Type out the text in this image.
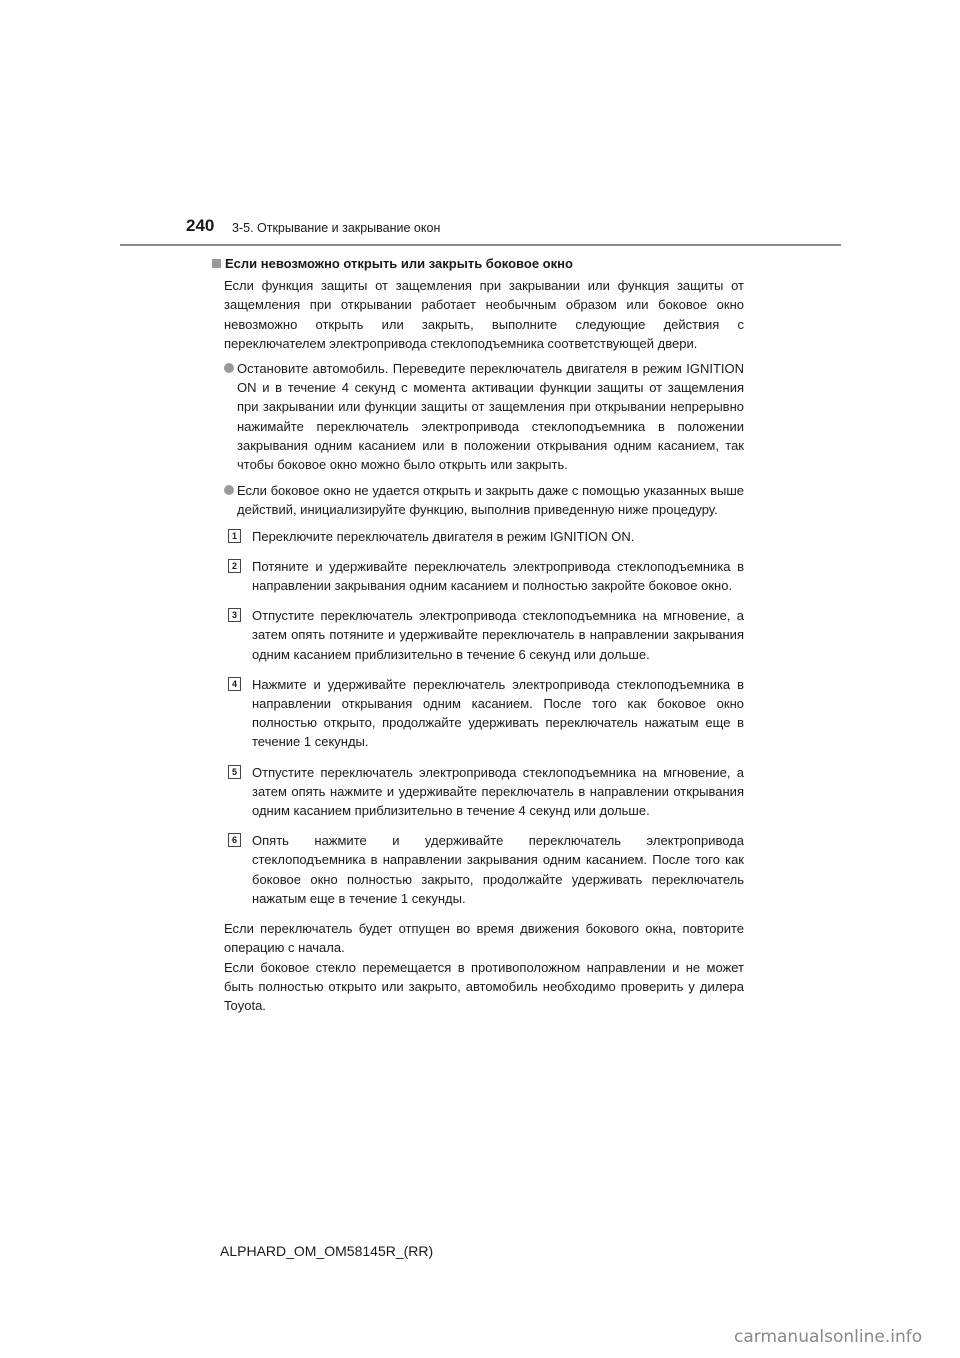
240 3-5. Открывание и закрывание окон
Если невозможно открыть или закрыть боковое окно

Если функция защиты от защемления при закрывании или функция защиты от защемления при открывании работает необычным образом или боковое окно невозможно открыть или закрыть, выполните следующие действия с переключателем электропривода стеклоподъемника соответствующей двери.

Остановите автомобиль. Переведите переключатель двигателя в режим IGNITION ON и в течение 4 секунд с момента активации функции защиты от защемления при закрывании или функции защиты от защемления при открывании непрерывно нажимайте переключатель электропривода стеклоподъемника в положении закрывания одним касанием или в положении открывания одним касанием, так чтобы боковое окно можно было открыть или закрыть.
Если боковое окно не удается открыть и закрыть даже с помощью указанных выше действий, инициализируйте функцию, выполнив приведенную ниже процедуру.
1	Переключите переключатель двигателя в режим IGNITION ON.
2	Потяните и удерживайте переключатель электропривода стеклоподъемника в направлении закрывания одним касанием и полностью закройте боковое окно.
3	Отпустите переключатель электропривода стеклоподъемника на мгновение, а затем опять потяните и удерживайте переключатель в направлении закрывания одним касанием приблизительно в течение 6 секунд или дольше.
4	Нажмите и удерживайте переключатель электропривода стеклоподъемника в направлении открывания одним касанием. После того как боковое окно полностью открыто, продолжайте удерживать переключатель нажатым еще в течение 1 секунды.
5	Отпустите переключатель электропривода стеклоподъемника на мгновение, а затем опять нажмите и удерживайте переключатель в направлении открывания одним касанием приблизительно в течение 4 секунд или дольше.
6	Опять нажмите и удерживайте переключатель электропривода стеклоподъемника в направлении закрывания одним касанием. После того как боковое окно полностью закрыто, продолжайте удерживать переключатель нажатым еще в течение 1 секунды.

Если переключатель будет отпущен во время движения бокового окна, повторите операцию с начала.

Если боковое стекло перемещается в противоположном направлении и не может быть полностью открыто или закрыто, автомобиль необходимо проверить у дилера Toyota.

ALPHARD_OM_OM58145R_(RR)
carmanualsonline.info
